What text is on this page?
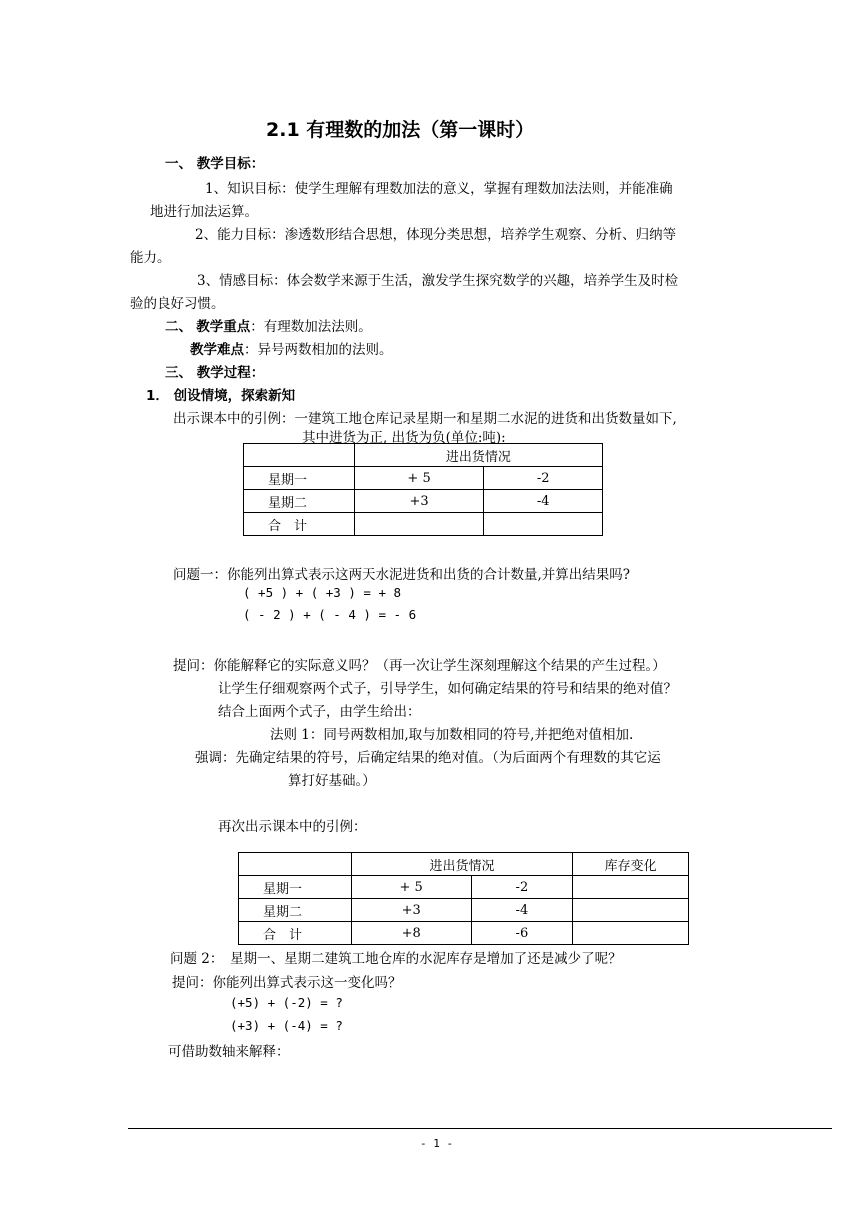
2.1 有理数的加法（第一课时）
一、 教学目标：
1、知识目标：使学生理解有理数加法的意义，掌握有理数加法法则，并能准确
地进行加法运算。
2、能力目标：渗透数形结合思想，体现分类思想，培养学生观察、分析、归纳等
能力。
3、情感目标：体会数学来源于生活，激发学生探究数学的兴趣，培养学生及时检
验的良好习惯。
二、 教学重点：有理数加法法则。
教学难点：异号两数相加的法则。
三、 教学过程：
1． 创设情境，探索新知
出示课本中的引例：一建筑工地仓库记录星期一和星期二水泥的进货和出货数量如下,
其中进货为正, 出货为负(单位:吨):
	进出货情况	
星期一	+ 5	-2
星期二	+3	-4
合　计		
问题一：你能列出算式表示这两天水泥进货和出货的合计数量,并算出结果吗?
( +5 ) + ( +3 ) = + 8
( - 2 ) + ( - 4 ) = - 6
提问：你能解释它的实际意义吗？（再一次让学生深刻理解这个结果的产生过程。）
让学生仔细观察两个式子，引导学生，如何确定结果的符号和结果的绝对值？
结合上面两个式子，由学生给出：
法则 1：同号两数相加,取与加数相同的符号,并把绝对值相加.
强调：先确定结果的符号，后确定结果的绝对值。（为后面两个有理数的其它运
算打好基础。）
再次出示课本中的引例：
	进出货情况		库存变化
星期一	+ 5	-2	
星期二	+3	-4	
合　计	+8	-6	
问题 2：　星期一、星期二建筑工地仓库的水泥库存是增加了还是减少了呢？
提问：你能列出算式表示这一变化吗？
(+5) + (-2) = ?
(+3) + (-4) = ?
可借助数轴来解释：
- 1 -
